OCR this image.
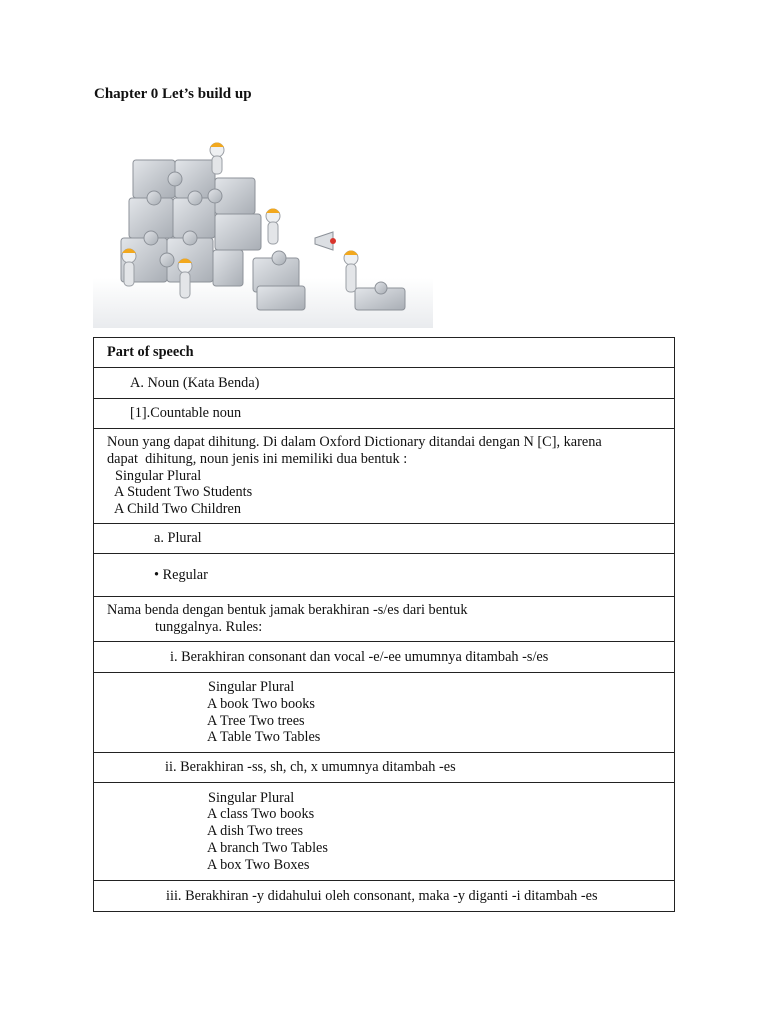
Chapter 0 Let’s build up
Part of speech
A. Noun (Kata Benda)
[1].Countable noun

Noun yang dapat dihitung. Di dalam Oxford Dictionary ditandai dengan N [C], karena
dapat  dihitung, noun jenis ini memiliki dua bentuk :
Singular Plural
A Student Two Students
A Child Two Children

a. Plural
• Regular

Nama benda dengan bentuk jamak berakhiran -s/es dari bentuk
tunggalnya. Rules:

i. Berakhiran consonant dan vocal -e/-ee umumnya ditambah -s/es

Singular Plural
A book Two books
A Tree Two trees
A Table Two Tables

ii. Berakhiran -ss, sh, ch, x umumnya ditambah -es

Singular Plural
A class Two books
A dish Two trees
A branch Two Tables
A box Two Boxes

iii. Berakhiran -y didahului oleh consonant, maka -y diganti -i ditambah -es
